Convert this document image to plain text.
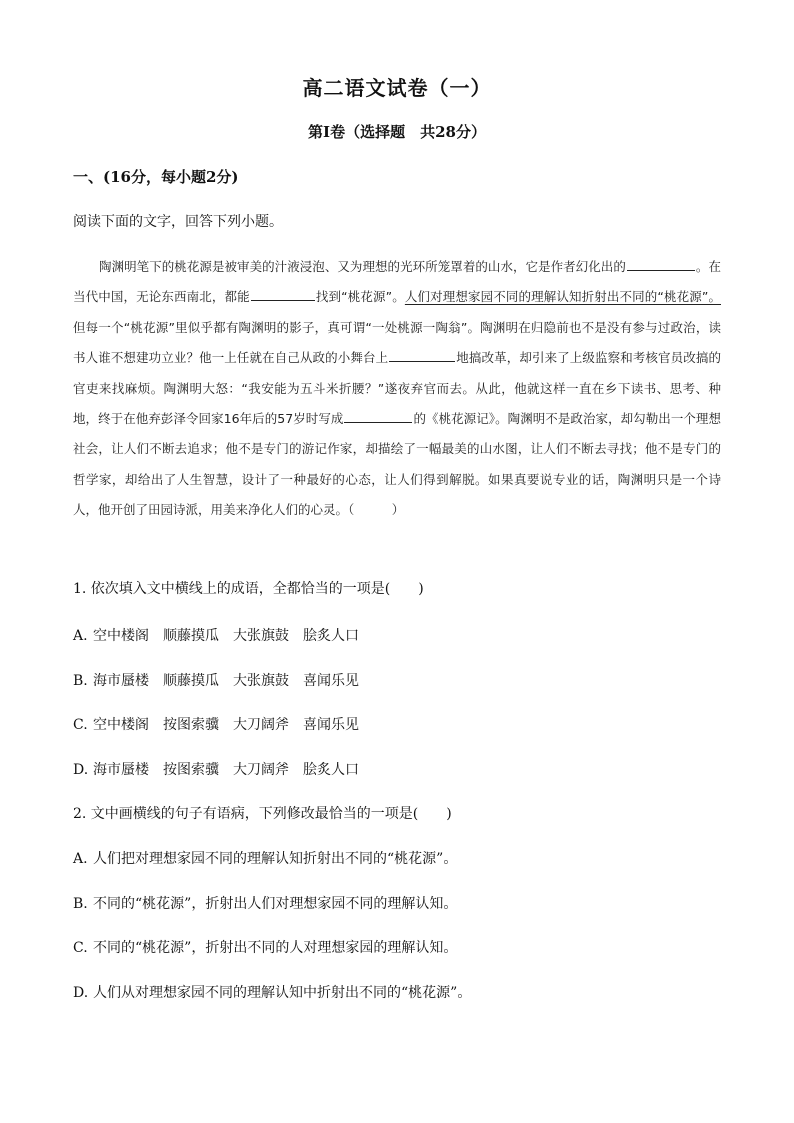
高二语文试卷（一）
第Ⅰ卷（选择题　共28分）
一、(16分，每小题2分)
阅读下面的文字，回答下列小题。
陶渊明笔下的桃花源是被审美的汁液浸泡、又为理想的光环所笼罩着的山水，它是作者幻化出的	。在当代中国，无论东西南北，都能	找到“桃花源”。人们对理想家园不同的理解认知折射出不同的“桃花源”。但每一个“桃花源”里似乎都有陶渊明的影子，真可谓“一处桃源一陶翁”。陶渊明在归隐前也不是没有参与过政治，读书人谁不想建功立业？他一上任就在自己从政的小舞台上	地搞改革，却引来了上级监察和考核官员改搞的官吏来找麻烦。陶渊明大怒：“我安能为五斗米折腰？”遂夜弃官而去。从此，他就这样一直在乡下读书、思考、种地，终于在他弃彭泽令回家16年后的57岁时写成	的《桃花源记》。陶渊明不是政治家，却勾勒出一个理想社会，让人们不断去追求；他不是专门的游记作家，却描绘了一幅最美的山水图，让人们不断去寻找；他不是专门的哲学家，却给出了人生智慧，设计了一种最好的心态，让人们得到解脱。如果真要说专业的话，陶渊明只是一个诗人，他开创了田园诗派，用美来净化人们的心灵。（　　　）
1. 依次填入文中横线上的成语，全都恰当的一项是(　　)
A. 空中楼阁 顺藤摸瓜 大张旗鼓 脍炙人口
B. 海市蜃楼 顺藤摸瓜 大张旗鼓 喜闻乐见
C. 空中楼阁 按图索骥 大刀阔斧 喜闻乐见
D. 海市蜃楼 按图索骥 大刀阔斧 脍炙人口
2. 文中画横线的句子有语病，下列修改最恰当的一项是(　　)
A. 人们把对理想家园不同的理解认知折射出不同的“桃花源”。
B. 不同的“桃花源”，折射出人们对理想家园不同的理解认知。
C. 不同的“桃花源”，折射出不同的人对理想家园的理解认知。
D. 人们从对理想家园不同的理解认知中折射出不同的“桃花源”。
